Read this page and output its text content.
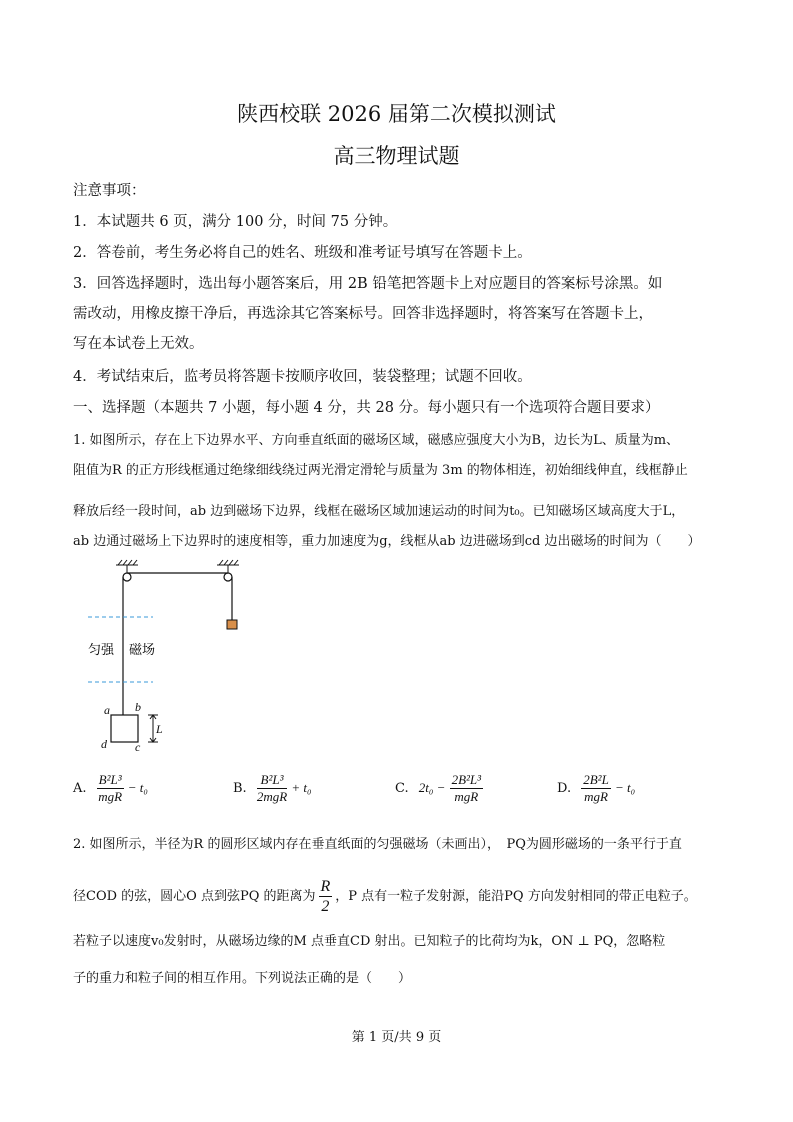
陕西校联 2026 届第二次模拟测试
高三物理试题
注意事项：
1．本试题共 6 页，满分 100 分，时间 75 分钟。
2．答卷前，考生务必将自己的姓名、班级和准考证号填写在答题卡上。
3．回答选择题时，选出每小题答案后，用 2B 铅笔把答题卡上对应题目的答案标号涂黑。如
需改动，用橡皮擦干净后，再选涂其它答案标号。回答非选择题时，将答案写在答题卡上，
写在本试卷上无效。
4．考试结束后，监考员将答题卡按顺序收回，装袋整理；试题不回收。
一、选择题（本题共 7 小题，每小题 4 分，共 28 分。每小题只有一个选项符合题目要求）
1. 如图所示，存在上下边界水平、方向垂直纸面的磁场区域，磁感应强度大小为B，边长为L、质量为m、
阻值为R 的正方形线框通过绝缘细线绕过两光滑定滑轮与质量为 3m 的物体相连，初始细线伸直，线框静止
释放后经一段时间，ab 边到磁场下边界，线框在磁场区域加速运动的时间为t₀。已知磁场区域高度大于L，
ab 边通过磁场上下边界时的速度相等，重力加速度为g，线框从ab 边进磁场到cd 边出磁场的时间为（　　）
匀强 磁场
a b
c
d
L
A. $\frac{\text{B²L³}}{\text{mgR}} - t_0$	B. $\frac{\text{B²L³}}{\text{2mgR}} + t_0$	C. $2t_0 - \frac{\text{2B²L³}}{\text{mgR}}$	D. $\frac{\text{2B²L}}{\text{mgR}} - t_0$
2. 如图所示，半径为R 的圆形区域内存在垂直纸面的匀强磁场（未画出），　PQ为圆形磁场的一条平行于直
径COD 的弦，圆心O 点到弦PQ 的距离为 $\frac{R}{2}$ ，P 点有一粒子发射源，能沿PQ 方向发射相同的带正电粒子。
若粒子以速度v₀发射时，从磁场边缘的M 点垂直CD 射出。已知粒子的比荷均为k，ON ⊥ PQ，忽略粒
子的重力和粒子间的相互作用。下列说法正确的是（　　）
第 1 页/共 9 页
